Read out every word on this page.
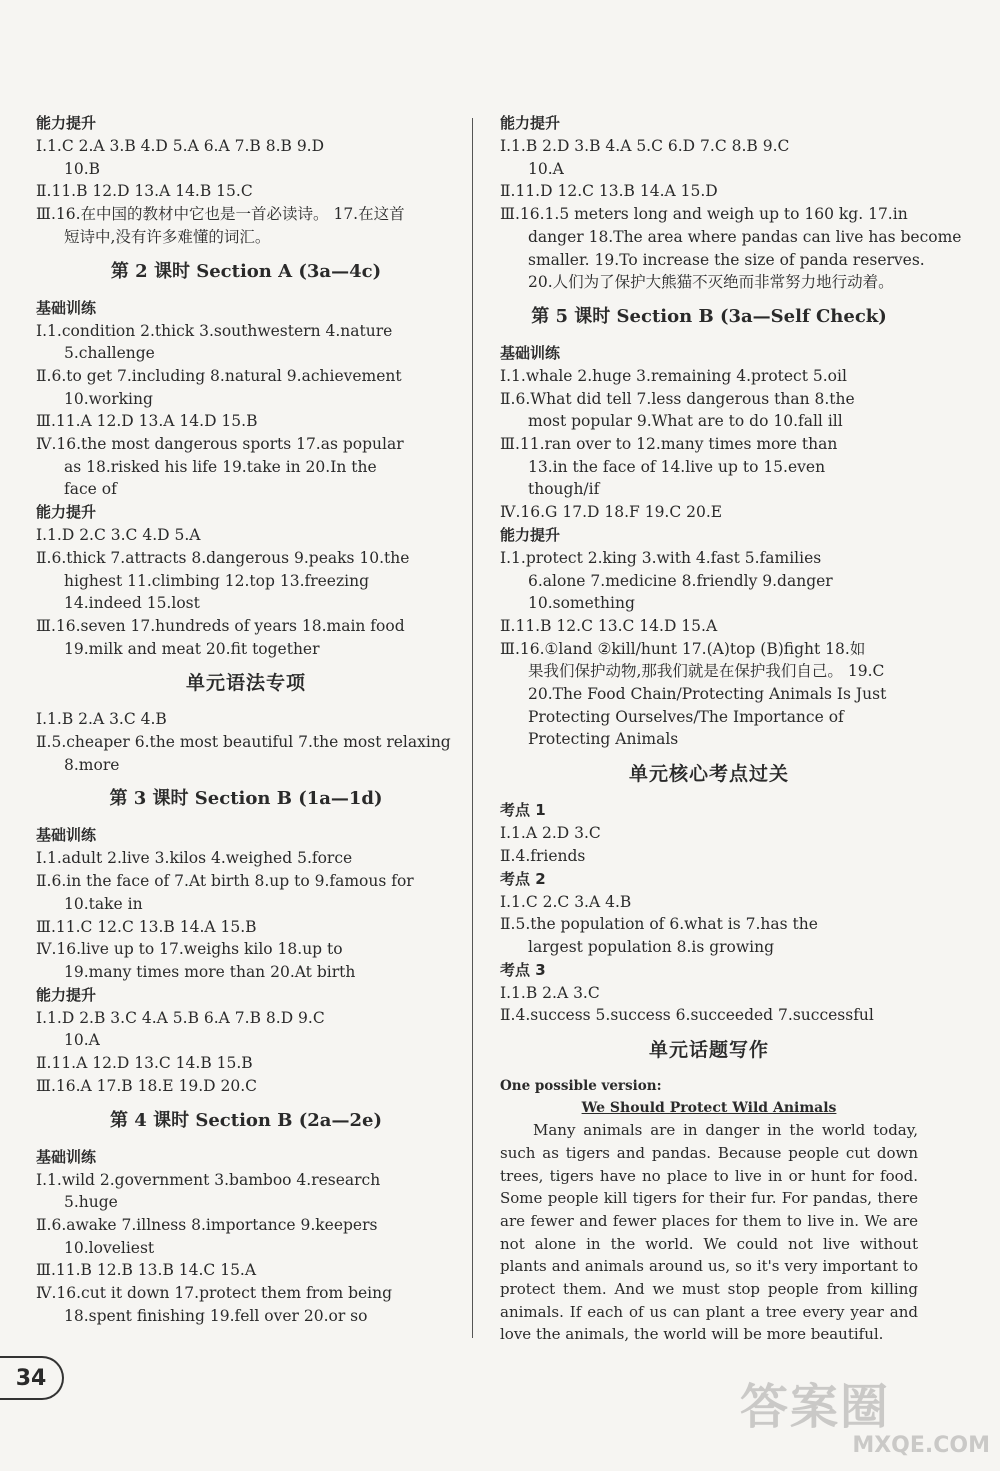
能力提升
Ⅰ.1.C 2.A 3.B 4.D 5.A 6.A 7.B 8.B 9.D
10.B
Ⅱ.11.B 12.D 13.A 14.B 15.C
Ⅲ.16.在中国的教材中它也是一首必读诗。 17.在这首
短诗中,没有许多难懂的词汇。
第 2 课时 Section A (3a—4c)
基础训练
Ⅰ.1.condition 2.thick 3.southwestern 4.nature
5.challenge
Ⅱ.6.to get 7.including 8.natural 9.achievement
10.working
Ⅲ.11.A 12.D 13.A 14.D 15.B
Ⅳ.16.the most dangerous sports 17.as popular
as 18.risked his life 19.take in 20.In the
face of
能力提升
Ⅰ.1.D 2.C 3.C 4.D 5.A
Ⅱ.6.thick 7.attracts 8.dangerous 9.peaks 10.the
highest 11.climbing 12.top 13.freezing
14.indeed 15.lost
Ⅲ.16.seven 17.hundreds of years 18.main food
19.milk and meat 20.fit together
单元语法专项
Ⅰ.1.B 2.A 3.C 4.B
Ⅱ.5.cheaper 6.the most beautiful 7.the most relaxing
8.more
第 3 课时 Section B (1a—1d)
基础训练
Ⅰ.1.adult 2.live 3.kilos 4.weighed 5.force
Ⅱ.6.in the face of 7.At birth 8.up to 9.famous for
10.take in
Ⅲ.11.C 12.C 13.B 14.A 15.B
Ⅳ.16.live up to 17.weighs kilo 18.up to
19.many times more than 20.At birth
能力提升
Ⅰ.1.D 2.B 3.C 4.A 5.B 6.A 7.B 8.D 9.C
10.A
Ⅱ.11.A 12.D 13.C 14.B 15.B
Ⅲ.16.A 17.B 18.E 19.D 20.C
第 4 课时 Section B (2a—2e)
基础训练
Ⅰ.1.wild 2.government 3.bamboo 4.research
5.huge
Ⅱ.6.awake 7.illness 8.importance 9.keepers
10.loveliest
Ⅲ.11.B 12.B 13.B 14.C 15.A
Ⅳ.16.cut it down 17.protect them from being
18.spent finishing 19.fell over 20.or so
能力提升
Ⅰ.1.B 2.D 3.B 4.A 5.C 6.D 7.C 8.B 9.C
10.A
Ⅱ.11.D 12.C 13.B 14.A 15.D
Ⅲ.16.1.5 meters long and weigh up to 160 kg. 17.in
danger 18.The area where pandas can live has become
smaller. 19.To increase the size of panda reserves.
20.人们为了保护大熊猫不灭绝而非常努力地行动着。
第 5 课时 Section B (3a—Self Check)
基础训练
Ⅰ.1.whale 2.huge 3.remaining 4.protect 5.oil
Ⅱ.6.What did tell 7.less dangerous than 8.the
most popular 9.What are to do 10.fall ill
Ⅲ.11.ran over to 12.many times more than
13.in the face of 14.live up to 15.even
though/if
Ⅳ.16.G 17.D 18.F 19.C 20.E
能力提升
Ⅰ.1.protect 2.king 3.with 4.fast 5.families
6.alone 7.medicine 8.friendly 9.danger
10.something
Ⅱ.11.B 12.C 13.C 14.D 15.A
Ⅲ.16.①land ②kill/hunt 17.(A)top (B)fight 18.如
果我们保护动物,那我们就是在保护我们自己。 19.C
20.The Food Chain/Protecting Animals Is Just
Protecting Ourselves/The Importance of
Protecting Animals
单元核心考点过关
考点 1
Ⅰ.1.A 2.D 3.C
Ⅱ.4.friends
考点 2
Ⅰ.1.C 2.C 3.A 4.B
Ⅱ.5.the population of 6.what is 7.has the
largest population 8.is growing
考点 3
Ⅰ.1.B 2.A 3.C
Ⅱ.4.success 5.success 6.succeeded 7.successful
单元话题写作
One possible version:
We Should Protect Wild Animals
Many animals are in danger in the world today, such as tigers and pandas. Because people cut down trees, tigers have no place to live in or hunt for food. Some people kill tigers for their fur. For pandas, there are fewer and fewer places for them to live in. We are not alone in the world. We could not live without plants and animals around us, so it's very important to protect them. And we must stop people from killing animals. If each of us can plant a tree every year and love the animals, the world will be more beautiful.
34
答案圈
MXQE.COM
